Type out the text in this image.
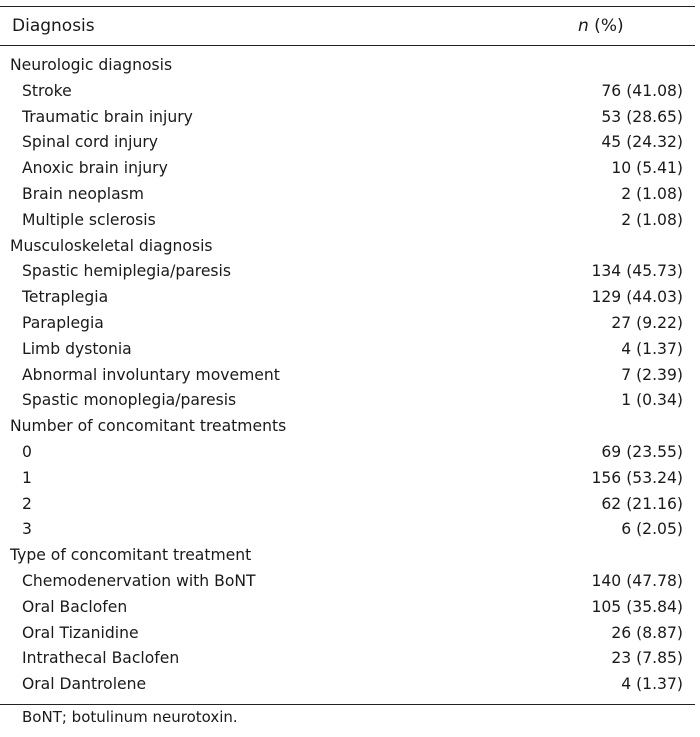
Diagnosis	n (%)
Neurologic diagnosis
Stroke	76 (41.08)
Traumatic brain injury	53 (28.65)
Spinal cord injury	45 (24.32)
Anoxic brain injury	10 (5.41)
Brain neoplasm	2 (1.08)
Multiple sclerosis	2 (1.08)
Musculoskeletal diagnosis
Spastic hemiplegia/paresis	134 (45.73)
Tetraplegia	129 (44.03)
Paraplegia	27 (9.22)
Limb dystonia	4 (1.37)
Abnormal involuntary movement	7 (2.39)
Spastic monoplegia/paresis	1 (0.34)
Number of concomitant treatments
0	69 (23.55)
1	156 (53.24)
2	62 (21.16)
3	6 (2.05)
Type of concomitant treatment
Chemodenervation with BoNT	140 (47.78)
Oral Baclofen	105 (35.84)
Oral Tizanidine	26 (8.87)
Intrathecal Baclofen	23 (7.85)
Oral Dantrolene	4 (1.37)
BoNT; botulinum neurotoxin.
